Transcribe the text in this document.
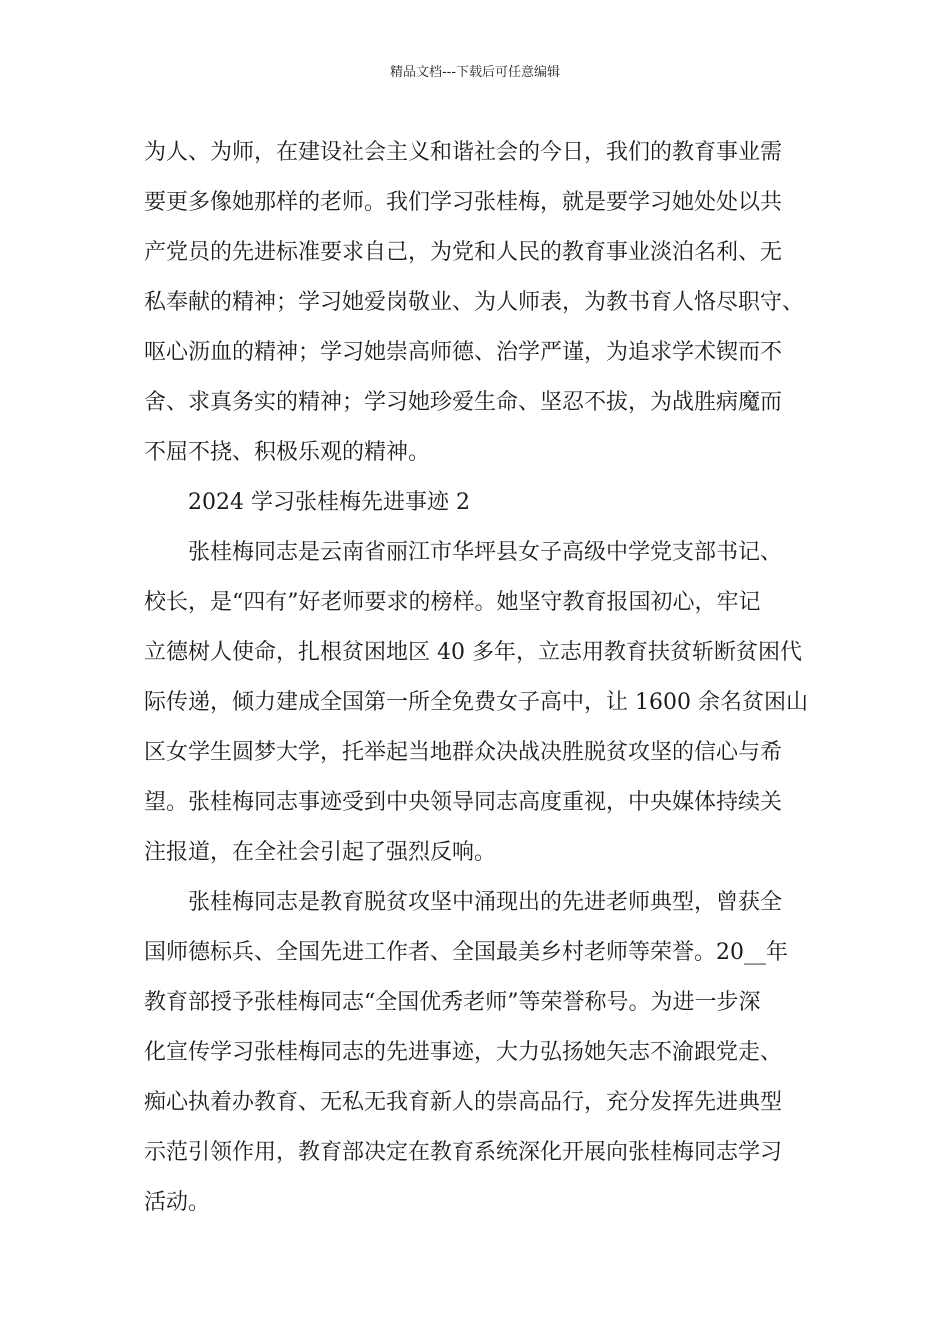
精品文档---下载后可任意编辑
为人、为师，在建设社会主义和谐社会的今日，我们的教育事业需
要更多像她那样的老师。我们学习张桂梅，就是要学习她处处以共
产党员的先进标准要求自己，为党和人民的教育事业淡泊名利、无
私奉献的精神；学习她爱岗敬业、为人师表，为教书育人恪尽职守、
呕心沥血的精神；学习她崇高师德、治学严谨，为追求学术锲而不
舍、求真务实的精神；学习她珍爱生命、坚忍不拔，为战胜病魔而
不屈不挠、积极乐观的精神。
2024 学习张桂梅先进事迹 2
张桂梅同志是云南省丽江市华坪县女子高级中学党支部书记、
校长，是“四有”好老师要求的榜样。她坚守教育报国初心，牢记
立德树人使命，扎根贫困地区 40 多年，立志用教育扶贫斩断贫困代
际传递，倾力建成全国第一所全免费女子高中，让 1600 余名贫困山
区女学生圆梦大学，托举起当地群众决战决胜脱贫攻坚的信心与希
望。张桂梅同志事迹受到中央领导同志高度重视，中央媒体持续关
注报道，在全社会引起了强烈反响。
张桂梅同志是教育脱贫攻坚中涌现出的先进老师典型，曾获全
国师德标兵、全国先进工作者、全国最美乡村老师等荣誉。20__年
教育部授予张桂梅同志“全国优秀老师”等荣誉称号。为进一步深
化宣传学习张桂梅同志的先进事迹，大力弘扬她矢志不渝跟党走、
痴心执着办教育、无私无我育新人的崇高品行，充分发挥先进典型
示范引领作用，教育部决定在教育系统深化开展向张桂梅同志学习
活动。
